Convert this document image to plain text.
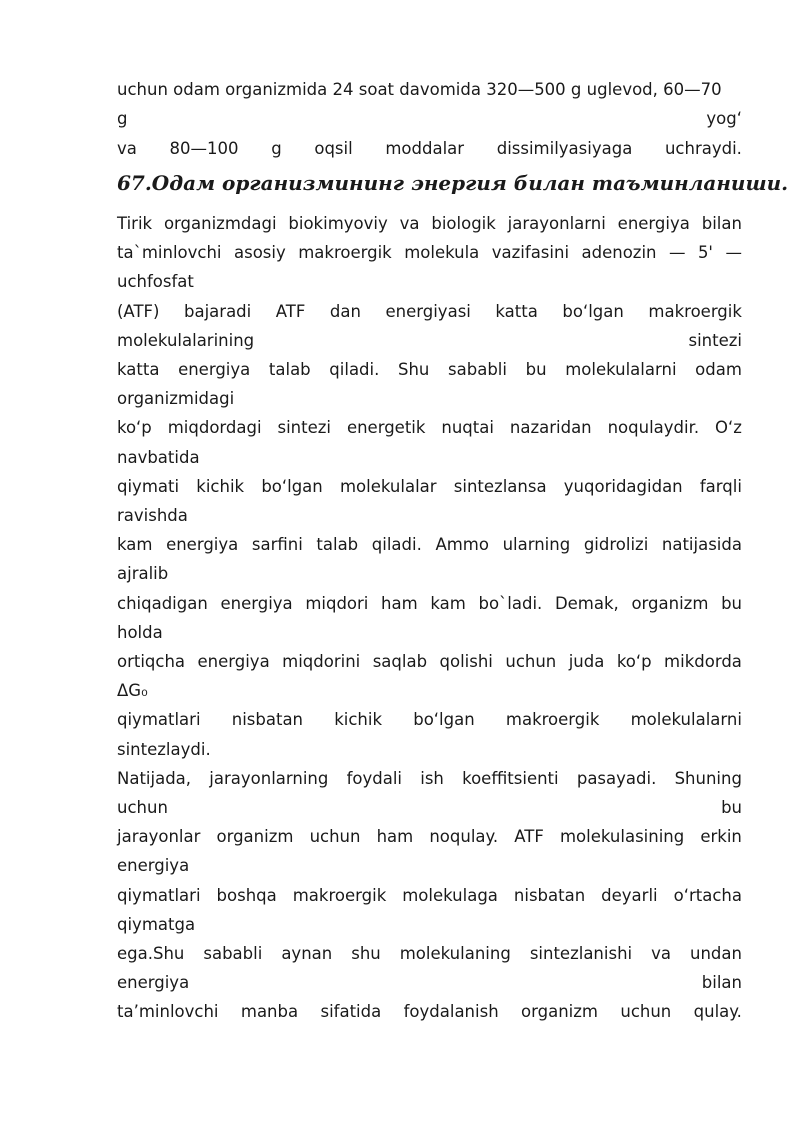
uchun odam organizmida 24 soat davomida 320—500 g uglevod, 60—70
g	yog‘
va 80—100 g oqsil moddalar dissimilyasiyaga uchraydi.
67.Одам организмининг энергия билан таъминланиши.
Tirik organizmdagi biokimyoviy va biologik jarayonlarni energiya bilan
ta`minlovchi asosiy makroergik molekula vazifasini adenozin — 5' —
uchfosfat
(ATF) bajaradi ATF dan energiyasi katta bo‘lgan makroergik
molekulalarining	sintezi
katta energiya talab qiladi. Shu sababli bu molekulalarni odam
organizmidagi
ko‘p miqdordagi sintezi energetik nuqtai nazaridan noqulaydir. O‘z
navbatida
qiymati kichik bo‘lgan molekulalar sintezlansa yuqoridagidan farqli
ravishda
kam energiya sarfini talab qiladi. Ammo ularning gidrolizi natijasida
ajralib
chiqadigan energiya miqdori ham kam bo`ladi. Demak, organizm bu
holda
ortiqcha energiya miqdorini saqlab qolishi uchun juda ko‘p mikdorda
ΔG₀
qiymatlari nisbatan kichik bo‘lgan makroergik molekulalarni
sintezlaydi.
Natijada, jarayonlarning foydali ish koeffitsienti pasayadi. Shuning
uchun	bu
jarayonlar organizm uchun ham noqulay. ATF molekulasining erkin
energiya
qiymatlari boshqa makroergik molekulaga nisbatan deyarli o‘rtacha
qiymatga
ega.Shu sababli aynan shu molekulaning sintezlanishi va undan
energiya	bilan
ta’minlovchi manba sifatida foydalanish organizm uchun qulay.
